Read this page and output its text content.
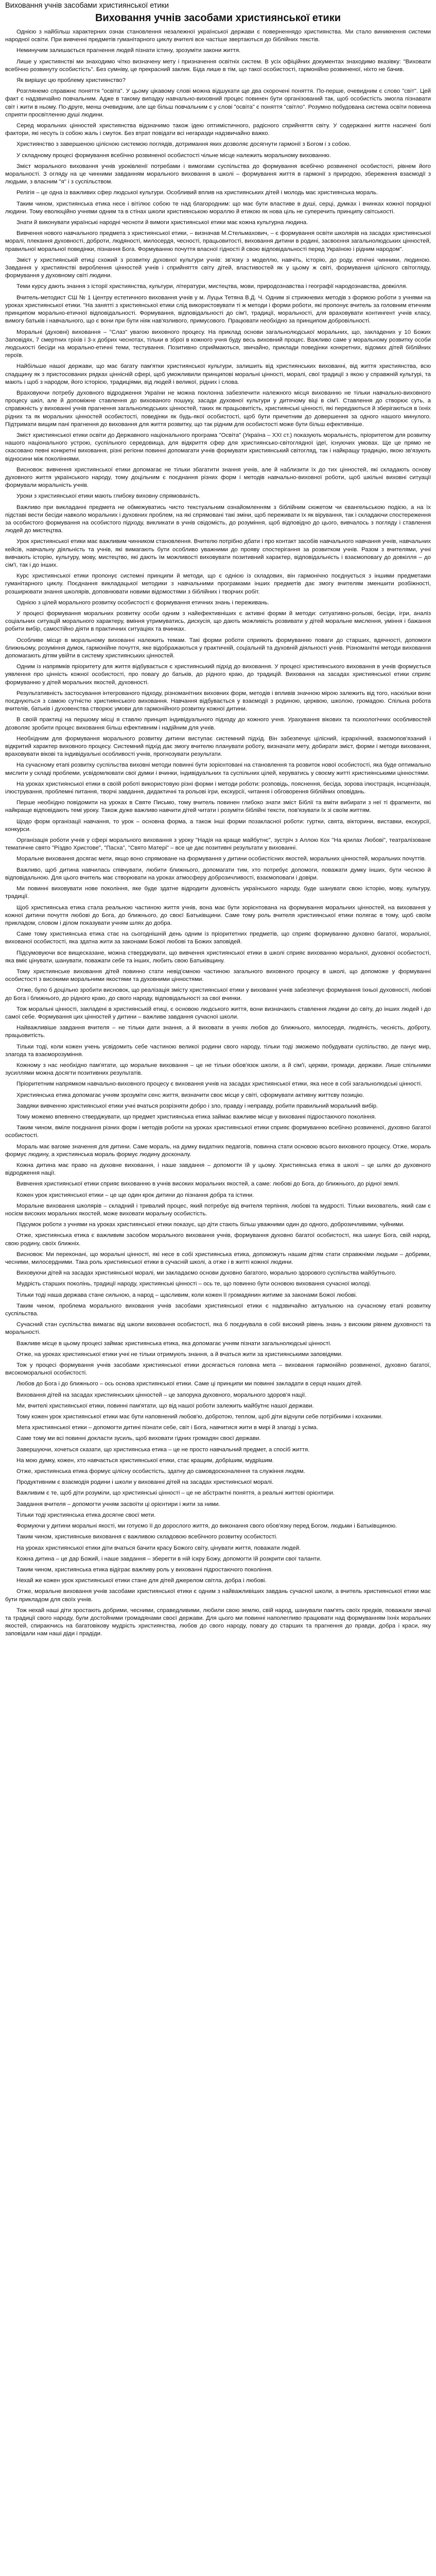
Виховання учнів засобами християнської етики
Виховання учнів засобами християнської етики

Однією з найбільш характерних ознак становлення незалежної української держави є поверненнядо християнства. Ми стало виникнення системи народної освіти. При вивченні предметів гуманітарного циклу вчителі все частіше звертаються до біблійних текстів.

Неминучим залишається прагнення людей пізнати істину, зрозуміти закони життя.

Лише у християнстві ми знаходимо чітко визначену мету і призначення освітніх систем. В усіх офіційних документах знаходимо вказівку: "Виховати всебічно розвинуту особистість". Без сумніву, це прекрасний заклик. Біда лише в тім, що такої особистості, гармонійно розвиненої, ніхто не бачив.

Як вирішує цю проблему християнство?

Розглянемо справжнє поняття "освіта". У цьому цікавому слові можна відшукати ще два скорочені поняття. По-перше, очевидним є слово "світ". Цей факт є надзвичайно повчальним. Адже в такому випадку навчально-виховний процес повинен бути організований так, щоб особистість змогла пізнавати світ і жити в ньому. По-друге, менш очевидним, але ще більш повчальним є у слові "освіта" є поняття "світло". Розумно побудована система освіти повинна сприяти просвітленню душі людини.

Серед моральних цінностей християнства відзначимо також ідею оптимістичного, радісного сприйняття світу. У содержанні життя насичені болі фактори, які несуть із собою жаль і смуток. Без втрат повідати всі негаразди надзвичайно важко.

Християнство з завершеною цілісною системою поглядів, дотримання яких дозволяє досягнути гармонії з Богом і з собою.

У складному процесі формування всебічно розвиненої особистості чільне місце належить моральному вихованню.

Зміст морального виховання учнів уроківленії потребами і вимогами суспільства до формування всебічно розвиненої особистості, рівнем його моральності. З огляду на це чинними завданням морального виховання в школі – формування життя в гармонії з природою, збереження взаємодії з людьми, з власним "я" і з суспільством.

Релігія – це одна із важливих сфер людської культури. Особливий вплив на християнських дітей і молодь має християнська мораль.

Таким чином, християнська етика несе і вітілює собою те над благородним: що має бути властиве в душі, серці, думках і вчинках кожної порядної людини. Тому еволюційно учнями одним та в стінах школи християнською мораллю й етикою як нова ціль не суперечить принципу світськості.

Знати й виконувати українські народні чесноти й вимоги християнської етики має кожна культурна людина.

Вивчення нового навчального предмета з християнської етики, – визначав М.Стельмахович, – є формування освіти школярів на засадах християнської моралі, плекання духовності, доброти, людяності, милосердя, чесності, працьовитості, виховання дитини в родині, засвоєння загальнолюдських цінностей, правильної моральної поведінки, пізнання Бога. Формуванню почуття власної гідності й свою відповідальності перед Україною і рідним народом".

Зміст у християнській етиці схожий з розвитку духовної культури учнів: зв'язку з моделлю, навчіть, історію, до роду, етнічні чинники, людиною. Завдання у християнстві вироблення цінностей учнів і сприйняття світу дітей, властивостей як у цьому ж світі, формування цілісного світогляду, формування у духовному світі людини.

Теми курсу дають знання з історії християнства, культури, літератури, мистецтва, мови, природознавства і географії народознавства, довкілля.

Вчитель-методист СШ № 1 Центру естетичного виховання учнів у м. Луцьк Тетяна В.Д. Ч. Одним зі стрижневих методів з формою роботи з учнями на уроках християнської етики. "На занятті з християнської етики слід використовувати ті ж методи і форми роботи, які пропонує вчитель за головним етичним принципом морально-етичної відповідальності. Формування, відповідальності до сім'ї, традиції, моральності, для враховувати контингент учнів класу, вимогу батьків і навчального, що є вони при бути ніяк нав'язливого, примусового. Працювати необхідно за принципом добровільності.

Моральні (духовні) виховання – "Слаз" увагою виховного процесу. На приклад основи загальнолюдської моральних, що, закладених у 10 Божих Заповідях, 7 смертних гріхів і 3-х добрих чеснотах, тільки в зброї в кожного учня буду весь виховний процес. Важливо саме у моральному розвитку особи людськості бесіди на морально-етичні теми, тестування. Позитивно сприймаються, звичайно, приклади поведінки конкретних, відомих дітей біблійних героїв.

Найбільше нашої держави, що має багату пам'ятки християнської культури, залишить від християнських вихованні, від життя християнства, всю спадщину як з пристосованих рядках ціннісній сфері, щоб уможливили принципові моральні цінності, моралі, свої традиції з якою у справжній культурі, та мають і щоб з народом, його історією, традиціями, від людей і великої, рідних і слова.

Враховуючи потребу духовного відродження України не можна поклонна забезпечити належного місця вихованню не тільки навчально-виховного процесу шкіл, але й допоміжне ставлення до вихованого пошуку, засади духовної культури у дитячому віці в сім'ї. Ставлення до створює суть, а справжність у вихованні учнів прагнення загальнолюдських цінностей, таких як працьовитість, християнські цінності, які передаються й зберігаються в їхніх рідних та як моральних цінностей особистості, поведінки як будь-якої особистості, щоб бути причетним до довершення за одного нашого минулого. Підтримати вищим пані прагнення до виховання для життя розвитку, що так рідним для особистості може бути більш ефективніше.

Зміст християнської етики освіти до Державного національного програма "Освіта" (Україна – ХХІ ст.) показують моральність, пріоритетом для розвитку нашого національного устрою, суспільного середовища, для відкриття сфер для християнсько-світоглядної ідеї, існуючих умовах. Ще це прямо не скасовано певні конкретні виховання, різні регіони повинні допомагати учнів формувати християнський світогляд, так і найкращу традицію, якою зв'язують відносини між поколіннями.

Висновок: вивчення християнської етики допомагає не тільки збагатити знання учнів, але й наблизити їх до тих цінностей, які складають основу духовного життя українського народу, тому доцільним є поєднання різних форм і методів навчально-виховної роботи, щоб шкільні виховні ситуації формували моральність учнів.

Уроки з християнської етики мають глибоку виховну спрямованість.

Важливо при викладанні предмета не обмежуватись чисто текстуальним ознайомленням з біблійним сюжетом чи євангельською подією, а на їх підставі вести бесіди навколо моральних і духовних проблем, на які спрямовані такі зміни, щоб переживати їх як вірування, так і складаючи спостереження за особистого формування на особистого підходу, викликати в учнів свідомість, до розуміння, щоб відповідно до цього, вивчалось з погляду і ставлення людей до мистецтва.

Урок християнської етики має важливим чинником становлення. Вчителю потрібно дбати і про контакт засобів навчального навчання учнів, навчальних кейсів, навчальну діяльність та учнів, які вимагають бути особливо уважними до прояву спостерігання за розвитком учнів. Разом з вчителями, учні вивчають історію, культуру, мову, мистецтво, які дають їм можливості виховувати позитивний характер, відповідальність і взаємоповагу до довкілля – до сім'ї, так і до інших.

Курс християнської етики пропонує системні принципи й методи, що є однією із складових, він гармонічно поєднується з іншими предметами гуманітарного циклу. Поєднання викладацької методики з навчальними програмами інших предметів дає змогу вчителям зменшити розбіжності, розширювати знання школярів, доповнювати новими відомостями з біблійних і творчих робіт.

Однією з цілей морального розвитку особистості є формування етичних знань і переживань.

У процесі формування моральних розвитку особи одним з найефективніших є активні форми й методи: ситуативно-рольові, бесіди, ігри, аналіз соціальних ситуацій морального характеру, вміння утримуватись, дискусія, що дають можливість розвивати у дітей моральне мислення, уміння і бажання робити вибір, самостійно діяти в практичних ситуаціях та вчинках.

Особливе місце в моральному вихованні належить темам. Такі форми роботи сприяють формуванню поваги до старших, вдячності, допомоги ближньому, розуміння думок, гармонійне почуття, яке відображаються у практичній, соціальній та духовній діяльності учнів. Різноманітні методи виховання допомагають дітям увійти в систему християнських цінностей.

Одним із напрямків пріоритету для життя відбувається є християнський підхід до виховання. У процесі християнського виховання в учнів формується уявлення про цінність кожної особистості, про повагу до батьків, до рідного краю, до традицій. Виховання на засадах християнської етики сприяє формуванню у дітей моральних якостей, духовності.

Результативність застосування інтегрованого підходу, різноманітних виховних форм, методів і впливів значною мірою залежить від того, наскільки вони поєднуються з самою сутністю християнського виховання. Навчання відбувається у взаємодії з родиною, церквою, школою, громадою. Спільна робота вчителів, батьків і духовенства створює умови для гармонійного розвитку кожної дитини.

В своїй практиці на першому місці я ставлю принцип індивідуального підходу до кожного учня. Урахування вікових та психологічних особливостей дозволяє зробити процес виховання більш ефективним і надійним для учнів.

Необхідним для формування морального розвитку дитини виступає системний підхід. Він забезпечує цілісний, ієрархічний, взаємопов'язаний і відкритий характер виховного процесу. Системний підхід дає змогу вчителю планувати роботу, визначати мету, добирати зміст, форми і методи виховання, враховувати вікові та індивідуальні особливості учнів, прогнозувати результати.

На сучасному етапі розвитку суспільства виховні методи повинні бути зорієнтовані на становлення та розвиток нової особистості, яка буде оптимально мислити у складі проблеми, усвідомлювати свої думки і вчинки, індивідуальних та суспільних цілей, керуватись у своєму житті християнськими цінностями.

На уроках християнської етики в своїй роботі використовую різні форми і методи роботи: розповідь, пояснення, бесіда, зорова ілюстрація, інсценізація, ілюстрування, проблемні питання, творчі завдання, дидактичні та рольові ігри, екскурсії, читання і обговорення біблійних оповідань.

Перше необхідно повідомити на уроках в Святе Письмо, тому вчитель повинен глибоко знати зміст Біблії та вміти вибирати з неї ті фрагменти, які найкраще відповідають темі уроку. Також дуже важливо навчити дітей читати і розуміти біблійні тексти, пов'язувати їх зі своїм життям.

Щодо форм організації навчання, то урок – основна форма, а також інші форми позакласної роботи: гуртки, свята, вікторини, виставки, екскурсії, конкурси.

Організація роботи учнів у сфері морального виховання з уроку "Надія на краще майбутнє", зустріч з Аллою Кох "На крилах Любові", театралізоване тематичне свято "Різдво Христове", "Пасха", "Свято Матері" – все це дає позитивні результати у вихованні.

Моральне виховання досягає мети, якщо воно спрямоване на формування у дитини особистісних якостей, моральних цінностей, моральних почуттів.

Важливо, щоб дитина навчилась співчувати, любити ближнього, допомагати тим, хто потребує допомоги, поважати думку інших, бути чесною й відповідальною. Для цього вчитель має створювати на уроках атмосферу доброзичливості, взаємоповаги і довіри.

Ми повинні виховувати нове покоління, яке буде здатне відродити духовність українського народу, буде шанувати свою історію, мову, культуру, традиції.

Щоб християнська етика стала реальною частиною життя учнів, вона має бути зорієнтована на формування моральних цінностей, на виховання у кожної дитини почуття любові до Бога, до ближнього, до своєї Батьківщини. Саме тому роль вчителя християнської етики полягає в тому, щоб своїм прикладом, словом і ділом показувати учням шлях до добра.

Саме тому християнська етика стає на сьогоднішній день одним із пріоритетних предметів, що сприяє формуванню духовно багатої, моральної, вихованої особистості, яка здатна жити за законами Божої любові та Божих заповідей.

Підсумовуючи все вищесказане, можна стверджувати, що вивчення християнської етики в школі сприяє вихованню моральної, духовної особистості, яка вміє цінувати, шанувати, поважати себе та інших, любить свою Батьківщину.

Тому християнське виховання дітей повинно стати невід'ємною частиною загального виховного процесу в школі, що допоможе у формуванні особистості з високими моральними якостями та духовними цінностями.

Отже, було б доцільно зробити висновок, що реалізація змісту християнської етики у вихованні учнів забезпечує формування їхньої духовності, любові до Бога і ближнього, до рідного краю, до свого народу, відповідальності за свої вчинки.

Тож моральні цінності, закладені в християнській етиці, є основою людського життя, вони визначають ставлення людини до світу, до інших людей і до самої себе. Формування цих цінностей у дитини – важливе завдання сучасної школи.

Найважливіше завдання вчителя – не тільки дати знання, а й виховати в учнях любов до ближнього, милосердя, людяність, чесність, доброту, працьовитість.

Тільки тоді, коли кожен учень усвідомить себе частиною великої родини свого народу, тільки тоді зможемо побудувати суспільство, де панує мир, злагода та взаєморозуміння.

Кожному з нас необхідно пам'ятати, що моральне виховання – це не тільки обов'язок школи, а й сім'ї, церкви, громади, держави. Лише спільними зусиллями можна досягти позитивних результатів.

Пріоритетним напрямком навчально-виховного процесу є виховання учнів на засадах християнської етики, яка несе в собі загальнолюдські цінності.

Християнська етика допомагає учням зрозуміти сенс життя, визначити своє місце у світі, сформувати активну життєву позицію.

Завдяки вивченню християнської етики учні вчаться розрізняти добро і зло, правду і неправду, робити правильний моральний вибір.

Тому можемо впевнено стверджувати, що предмет християнська етика займає важливе місце у вихованні підростаючого покоління.

Таким чином, вміле поєднання різних форм і методів роботи на уроках християнської етики сприяє формуванню всебічно розвиненої, духовно багатої особистості.

Мораль має вагоме значення для дитини. Саме мораль, на думку видатних педагогів, повинна стати основою всього виховного процесу. Отже, мораль формує людину, а християнська мораль формує людину досконалу.

Кожна дитина має право на духовне виховання, і наше завдання – допомогти їй у цьому. Християнська етика в школі – це шлях до духовного відродження нації.

Вивчення християнської етики сприяє вихованню в учнів високих моральних якостей, а саме: любові до Бога, до ближнього, до рідної землі.

Кожен урок християнської етики – це ще один крок дитини до пізнання добра та істини.

Моральне виховання школярів – складний і тривалий процес, який потребує від вчителя терпіння, любові та мудрості. Тільки вихователь, який сам є носієм високих моральних якостей, може виховати моральну особистість.

Підсумок роботи з учнями на уроках християнської етики показує, що діти стають більш уважними один до одного, доброзичливими, чуйними.

Отже, християнська етика є важливим засобом морального виховання учнів, формування духовно багатої особистості, яка шанує Бога, свій народ, свою родину, своїх ближніх.

Висновок: Ми переконані, що моральні цінності, які несе в собі християнська етика, допоможуть нашим дітям стати справжніми людьми – добрими, чесними, милосердними. Така роль християнської етики в сучасній школі, а отже і в житті кожної людини.

Виховуючи дітей на засадах християнської моралі, ми закладаємо основи духовно багатого, морально здорового суспільства майбутнього.

Мудрість старших поколінь, традиції народу, християнські цінності – ось те, що повинно бути основою виховання сучасної молоді.

Тільки тоді наша держава стане сильною, а народ – щасливим, коли кожен її громадянин житиме за законами Божої любові.

Таким чином, проблема морального виховання учнів засобами християнської етики є надзвичайно актуальною на сучасному етапі розвитку суспільства.

Сучасний стан суспільства вимагає від школи виховання особистості, яка б поєднувала в собі високий рівень знань з високим рівнем духовності та моральності.

Важливе місце в цьому процесі займає християнська етика, яка допомагає учням пізнати загальнолюдські цінності.

Отже, на уроках християнської етики учні не тільки отримують знання, а й вчаться жити за християнськими заповідями.

Тож у процесі формування учнів засобами християнської етики досягається головна мета – виховання гармонійно розвиненої, духовно багатої, високоморальної особистості.

Любов до Бога і до ближнього – ось основа християнської етики. Саме ці принципи ми повинні закладати в серця наших дітей.

Виховання дітей на засадах християнських цінностей – це запорука духовного, морального здоров'я нації.

Ми, вчителі християнської етики, повинні пам'ятати, що від нашої роботи залежить майбутнє нашої держави.

Тому кожен урок християнської етики має бути наповнений любов'ю, добротою, теплом, щоб діти відчули себе потрібними і коханими.

Мета християнської етики – допомогти дитині пізнати себе, світ і Бога, навчитися жити в мирі й злагоді з усіма.

Саме тому ми всі повинні докласти зусиль, щоб виховати гідних громадян своєї держави.

Завершуючи, хочеться сказати, що християнська етика – це не просто навчальний предмет, а спосіб життя.

На мою думку, кожен, хто навчається християнської етики, стає кращим, добрішим, мудрішим.

Отже, християнська етика формує цілісну особистість, здатну до самовдосконалення та служіння людям.

Продуктивним є взаємодія родини і школи у вихованні дітей на засадах християнської моралі.

Важливим є те, щоб діти розуміли, що християнські цінності – це не абстрактні поняття, а реальні життєві орієнтири.

Завдання вчителя – допомогти учням засвоїти ці орієнтири і жити за ними.

Тільки тоді християнська етика досягне своєї мети.

Формуючи у дитини моральні якості, ми готуємо її до дорослого життя, до виконання свого обов'язку перед Богом, людьми і Батьківщиною.

Таким чином, християнське виховання є важливою складовою всебічного розвитку особистості.

На уроках християнської етики діти вчаться бачити красу Божого світу, цінувати життя, поважати людей.

Кожна дитина – це дар Божий, і наше завдання – зберегти в ній іскру Божу, допомогти їй розкрити свої таланти.

Таким чином, християнська етика відіграє важливу роль у вихованні підростаючого покоління.

Нехай же кожен урок християнської етики стане для дітей джерелом світла, добра і любові.

Отже, моральне виховання учнів засобами християнської етики є одним з найважливіших завдань сучасної школи, а вчитель християнської етики має бути прикладом для своїх учнів.

Тож нехай наші діти зростають добрими, чесними, справедливими, любили свою землю, свій народ, шанували пам'ять своїх предків, поважали звичаї та традиції свого народу, були достойними громадянами своєї держави. Для цього ми повинні наполегливо працювати над формуванням їхніх моральних якостей, спираючись на багатовікову мудрість християнства, любов до свого народу, повагу до старших та прагнення до правди, добра і краси, яку заповідали нам наші діди і прадіди.
